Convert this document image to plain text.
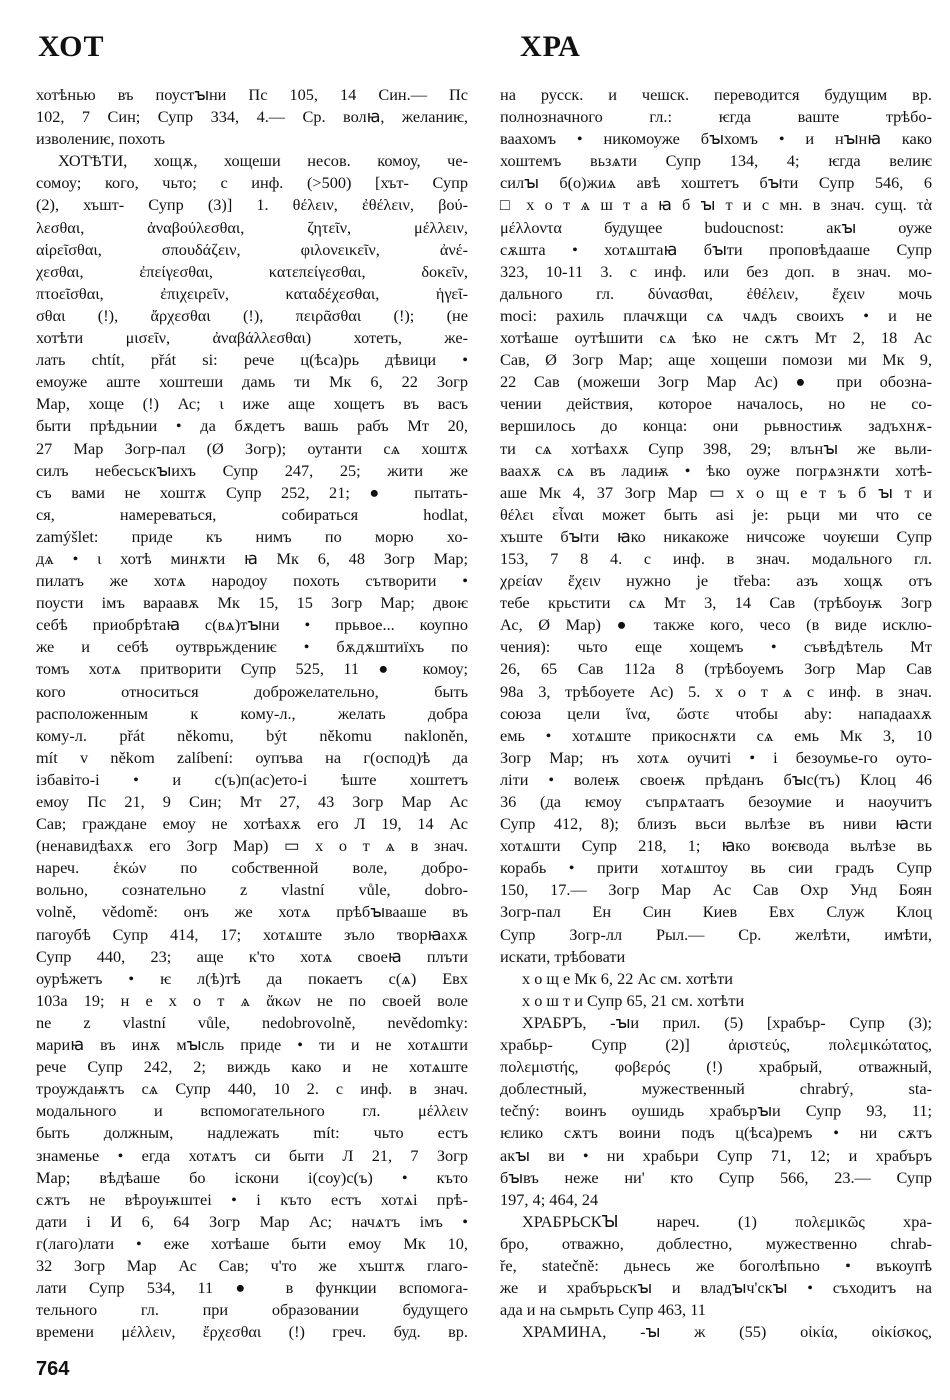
ХОТ	ХРА
хотѣнью въ поустꙑни Пс 105, 14 Син.— Пс
102, 7 Син; Супр 334, 4.— Ср. волꙗ, желаниѥ,
изволениѥ, похоть
ХОТѢТИ, хощѫ, хощеши несов. комоу, че-
сомоу; кого, чьто; с инф. (>500) [хът- Супр
(2), хъшт- Супр (3)] 1. θέλειν, ἐθέλειν, βού-
λεσθαι, ἀναβούλεσθαι, ζητεῖν, μέλλειν,
αἱρεῖσθαι, σπουδάζειν, φιλονεικεῖν, ἀνέ-
χεσθαι, ἐπείγεσθαι, κατεπείγεσθαι, δοκεῖν,
πτοεῖσθαι, ἐπιχειρεῖν, καταδέχεσθαι, ἡγεῖ-
σθαι (!), ἄρχεσθαι (!), πειρᾶσθαι (!); (не
хотѣти μισεῖν, ἀναβάλλεσθαι) хотеть, же-
лать chtít, přát si: рече ц(ѣса)рь дѣвици •
емоуже аште хоштеши дамь ти Мк 6, 22 Зогр
Мар, хоще (!) Ас; ι иже аще хощетъ въ васъ
быти прѣдьнии • да бѫдетъ вашь рабъ Мт 20,
27 Мар Зогр-пал (Ø Зогр); оутанти сѧ хоштѫ
силъ небесьскꙑихъ Супр 247, 25; жити же
съ вами не хоштѫ Супр 252, 21; ● пытать-
ся, намереваться, собираться hodlat,
zamýšlet: приде къ нимъ по морю хо-
дѧ • ι хотѣ минѫти ꙗ Мк 6, 48 Зогр Мар;
пилатъ же хотѧ народоу похоть сътворити •
поусти імъ вараавѫ Мк 15, 15 Зогр Мар; двоѥ
себѣ приобрѣтаꙗ с(вѧ)тꙑни • прьвое... коупно
же и себѣ оутврьждениѥ • бѫдѫштиїхъ по
томъ хотѧ притворити Супр 525, 11 ● комоу;
кого относиться доброжелательно, быть
расположенным к кому-л., желать добра
кому-л. přát někomu, být někomu nakloněn,
mít v někom zalíbení: оупъва на г(оспод)ѣ да
ізбавіто-і • и с(ъ)п(ас)ето-і ѣште хоштетъ
емоу Пс 21, 9 Син; Мт 27, 43 Зогр Мар Ас
Сав; граждане емоу не хотѣахѫ его Л 19, 14 Ас
(ненавидѣахѫ его Зогр Мар) ▭ х о т ѧ в знач.
нареч. ἑκών по собственной воле, добро-
вольно, сознательно z vlastní vůle, dobro-
volně, vědomě: онъ же хотѧ прѣбꙑвааше въ
пагоубѣ Супр 414, 17; хотѧште зъло творꙗахѫ
Супр 440, 23; аще к'то хотѧ своеꙗ плъти
оурѣжетъ • ѥ л(ѣ)тѣ да покаетъ с(ѧ) Евх
103а 19; н е х о т ѧ ἄκων не по своей воле
ne z vlastní vůle, nedobrovolně, nevědomky:
мариꙗ въ инѫ мꙑсль приде • ти и не хотѧшти
рече Супр 242, 2; виждь како и не хотѧште
троуждаѭтъ сѧ Супр 440, 10 2. с инф. в знач.
модального и вспомогательного гл. μέλλειν
быть должным, надлежать mít: чьто естъ
знаменье • егда хотѧтъ си быти Л 21, 7 Зогр
Мар; вѣдѣаше бо іскони і(соу)с(ъ) • къто
сѫтъ не вѣроуѭштеі • і къто естъ хотѧі прѣ-
дати і И 6, 64 Зогр Мар Ас; начѧтъ імъ •
г(лаго)лати • еже хотѣаше быти емоу Мк 10,
32 Зогр Мар Ас Сав; ч'то же хъштѫ глаго-
лати Супр 534, 11 ● в функции вспомога-
тельного гл. при образовании будущего
времени μέλλειν, ἔρχεσθαι (!) греч. буд. вр.
на русск. и чешск. переводится будущим вр.
полнозначного гл.: ѥгда ваште трѣбо-
ваахомъ • никомоуже бꙑхомъ • и нꙑнꙗ како
хоштемъ вьзѧти Супр 134, 4; ѥгда велиѥ
силꙑ б(о)жиѧ авѣ хоштетъ бꙑти Супр 546, 6
□ х о т ѧ ш т а ꙗ б ꙑ т и с мн. в знач. сущ. τὰ
μέλλοντα будущее budoucnost: акꙑ оуже
сѫшта • хотѧштаꙗ бꙑти проповѣдааше Супр
323, 10-11 3. с инф. или без доп. в знач. мо-
дального гл. δύνασθαι, ἐθέλειν, ἔχειν мочь
moci: рахиль плачѫщи сѧ чѧдъ своихъ • и не
хотѣаше оутѣшити сѧ ѣко не сѫтъ Мт 2, 18 Ас
Сав, Ø Зогр Мар; аще хощеши помози ми Мк 9,
22 Сав (можеши Зогр Мар Ас) ● при обозна-
чении действия, которое началось, но не со-
вершилось до конца: они рьвностиѭ задъхнѫ-
ти сѧ хотѣахѫ Супр 398, 29; влънꙑ же вьли-
ваахѫ сѧ въ ладиѭ • ѣко оуже погрѧзнѫти хотѣ-
аше Мк 4, 37 Зогр Мар ▭ х о щ е т ъ б ꙑ т и
θέλει εἶναι может быть asi je: рьци ми что се
хъште бꙑти ꙗко никакоже ничсоже чоуѥши Супр
153, 7 8 4. с инф. в знач. модального гл.
χρείαν ἔχειν нужно je třeba: азъ хощѫ отъ
тебе крьстити сѧ Мт 3, 14 Сав (трѣбоуѭ Зогр
Ас, Ø Мар) ● также кого, чесо (в виде исклю-
чения): чьто еще хощемъ • съвѣдѣтель Мт
26, 65 Сав 112а 8 (трѣбоуемъ Зогр Мар Сав
98а 3, трѣбоуете Ас) 5. х о т ѧ с инф. в знач.
союза цели ἵνα, ὥστε чтобы aby: нападаахѫ
емь • хотѧште прикоснѫти сѧ емь Мк 3, 10
Зогр Мар; нъ хотѧ оучиті • і безоумье-го оуто-
літи • волеѭ своеѭ прѣданъ бꙑс(тъ) Клоц 46
36 (да ѥмоу съпрѧтаатъ безоумие и наоучитъ
Супр 412, 8); близъ вьси вьлѣзе въ ниви ꙗсти
хотѧшти Супр 218, 1; ꙗко воѥвода вьлѣзе вь
корабь • прити хотѧштоу вь сии градъ Супр
150, 17.— Зогр Мар Ас Сав Охр Унд Боян
Зогр-пал Ен Син Киев Евх Служ Клоц
Супр Зогр-лл Рыл.— Ср. желѣти, имѣти,
искати, трѣбовати
х о щ е Мк 6, 22 Ас см. хотѣти
х о ш т и Супр 65, 21 см. хотѣти
ХРАБРЪ, -ꙑи прил. (5) [храбър- Супр (3);
храбьр- Супр (2)] ἀριστεύς, πολεμικώτατος,
πολεμιστής, φοβερός (!) храбрый, отважный,
доблестный, мужественный chrabrý, sta-
tečný: воинъ оушидь храбърꙑи Супр 93, 11;
ѥлико сѫтъ воини подъ ц(ѣса)ремъ • ни сѫтъ
акꙑ ви • ни храбьри Супр 71, 12; и храбъръ
бꙑвъ неже ни' кто Супр 566, 23.— Супр
197, 4; 464, 24
ХРАБРЬСКꙐ нареч. (1) πολεμικῶς хра-
бро, отважно, доблестно, мужественно chrab-
ře, statečně: дьнесь же боголѣпьно • въкоупѣ
же и храбърьскꙑ и владꙑч'скꙑ • съходитъ на
ада и на сьмрьть Супр 463, 11
ХРАМИНА, -ꙑ ж (55) οἰκία, οἰκίσκος,
764
